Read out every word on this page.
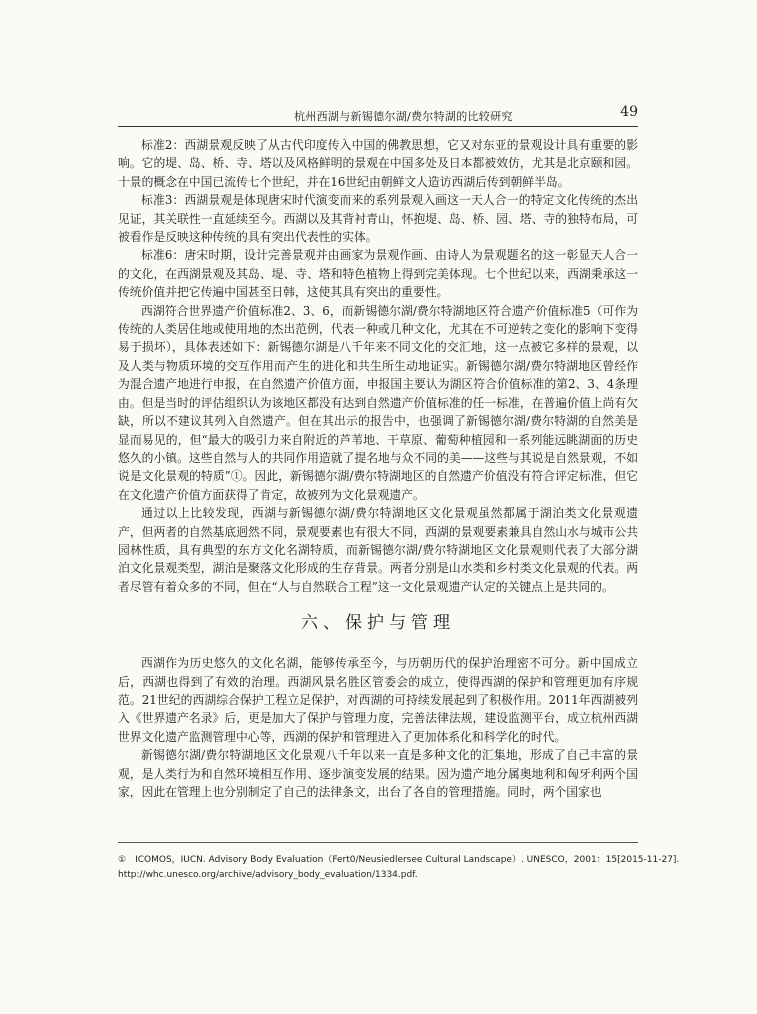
杭州西湖与新锡德尔湖/费尔特湖的比较研究	49

标准2：西湖景观反映了从古代印度传入中国的佛教思想，它又对东亚的景观设计具有重要的影响。它的堤、岛、桥、寺、塔以及风格鲜明的景观在中国多处及日本都被效仿，尤其是北京颐和园。十景的概念在中国已流传七个世纪，并在16世纪由朝鲜文人造访西湖后传到朝鲜半岛。

标准3：西湖景观是体现唐宋时代演变而来的系列景观入画这一天人合一的特定文化传统的杰出见证，其关联性一直延续至今。西湖以及其背衬青山，怀抱堤、岛、桥、园、塔、寺的独特布局，可被看作是反映这种传统的具有突出代表性的实体。

标准6：唐宋时期，设计完善景观并由画家为景观作画、由诗人为景观题名的这一彰显天人合一的文化，在西湖景观及其岛、堤、寺、塔和特色植物上得到完美体现。七个世纪以来，西湖秉承这一传统价值并把它传遍中国甚至日韩，这使其具有突出的重要性。

西湖符合世界遗产价值标准2、3、6，而新锡德尔湖/费尔特湖地区符合遗产价值标准5（可作为传统的人类居住地或使用地的杰出范例，代表一种或几种文化，尤其在不可逆转之变化的影响下变得易于损坏），具体表述如下：新锡德尔湖是八千年来不同文化的交汇地，这一点被它多样的景观，以及人类与物质环境的交互作用而产生的进化和共生所生动地证实。新锡德尔湖/费尔特湖地区曾经作为混合遗产地进行申报，在自然遗产价值方面，申报国主要认为湖区符合价值标准的第2、3、4条理由。但是当时的评估组织认为该地区都没有达到自然遗产价值标准的任一标准，在普遍价值上尚有欠缺，所以不建议其列入自然遗产。但在其出示的报告中，也强调了新锡德尔湖/费尔特湖的自然美是显而易见的，但“最大的吸引力来自附近的芦苇地、干草原、葡萄种植园和一系列能远眺湖面的历史悠久的小镇。这些自然与人的共同作用造就了提名地与众不同的美——这些与其说是自然景观，不如说是文化景观的特质”①。因此，新锡德尔湖/费尔特湖地区的自然遗产价值没有符合评定标准，但它在文化遗产价值方面获得了肯定，故被列为文化景观遗产。

通过以上比较发现，西湖与新锡德尔湖/费尔特湖地区文化景观虽然都属于湖泊类文化景观遗产，但两者的自然基底迥然不同，景观要素也有很大不同，西湖的景观要素兼具自然山水与城市公共园林性质，具有典型的东方文化名湖特质，而新锡德尔湖/费尔特湖地区文化景观则代表了大部分湖泊文化景观类型，湖泊是聚落文化形成的生存背景。两者分别是山水类和乡村类文化景观的代表。两者尽管有着众多的不同，但在“人与自然联合工程”这一文化景观遗产认定的关键点上是共同的。

六、保护与管理

西湖作为历史悠久的文化名湖，能够传承至今，与历朝历代的保护治理密不可分。新中国成立后，西湖也得到了有效的治理。西湖风景名胜区管委会的成立，使得西湖的保护和管理更加有序规范。21世纪的西湖综合保护工程立足保护，对西湖的可持续发展起到了积极作用。2011年西湖被列入《世界遗产名录》后，更是加大了保护与管理力度，完善法律法规，建设监测平台，成立杭州西湖世界文化遗产监测管理中心等，西湖的保护和管理进入了更加体系化和科学化的时代。

新锡德尔湖/费尔特湖地区文化景观八千年以来一直是多种文化的汇集地，形成了自己丰富的景观，是人类行为和自然环境相互作用、逐步演变发展的结果。因为遗产地分属奥地利和匈牙利两个国家，因此在管理上也分别制定了自己的法律条文，出台了各自的管理措施。同时，两个国家也

①　ICOMOS，IUCN. Advisory Body Evaluation（Fert0/Neusiedlersee Cultural Landscape）. UNESCO，2001：15[2015-11-27].
http://whc.unesco.org/archive/advisory_body_evaluation/1334.pdf.
